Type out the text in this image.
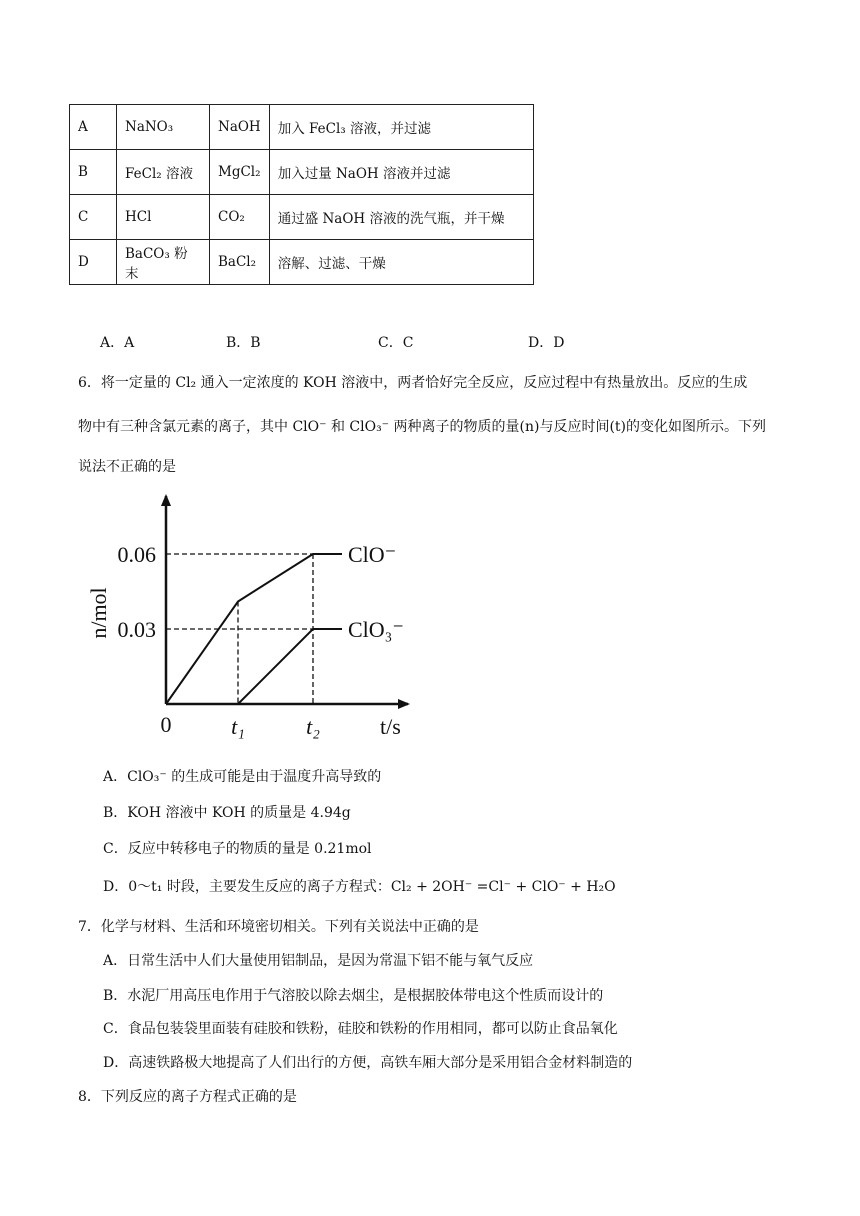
A	NaNO₃	NaOH	加入 FeCl₃ 溶液，并过滤
B	FeCl₂ 溶液	MgCl₂	加入过量 NaOH 溶液并过滤
C	HCl	CO₂	通过盛 NaOH 溶液的洗气瓶，并干燥
D	BaCO₃ 粉末	BaCl₂	溶解、过滤、干燥
A．A	B．B	C．C	D．D
6．将一定量的 Cl₂ 通入一定浓度的 KOH 溶液中，两者恰好完全反应，反应过程中有热量放出。反应的生成
物中有三种含氯元素的离子，其中 ClO⁻ 和 ClO₃⁻ 两种离子的物质的量(n)与反应时间(t)的变化如图所示。下列
说法不正确的是
ClO⁻
ClO₃⁻
0.06
0.03
0	t₁	t₂	t/s
n/mol
A．ClO₃⁻ 的生成可能是由于温度升高导致的
B．KOH 溶液中 KOH 的质量是 4.94g
C．反应中转移电子的物质的量是 0.21mol
D．0～t₁ 时段，主要发生反应的离子方程式：Cl₂ + 2OH⁻ =Cl⁻ + ClO⁻ + H₂O
7．化学与材料、生活和环境密切相关。下列有关说法中正确的是
A．日常生活中人们大量使用铝制品，是因为常温下铝不能与氧气反应
B．水泥厂用高压电作用于气溶胶以除去烟尘，是根据胶体带电这个性质而设计的
C．食品包装袋里面装有硅胶和铁粉，硅胶和铁粉的作用相同，都可以防止食品氧化
D．高速铁路极大地提高了人们出行的方便，高铁车厢大部分是采用铝合金材料制造的
8．下列反应的离子方程式正确的是
